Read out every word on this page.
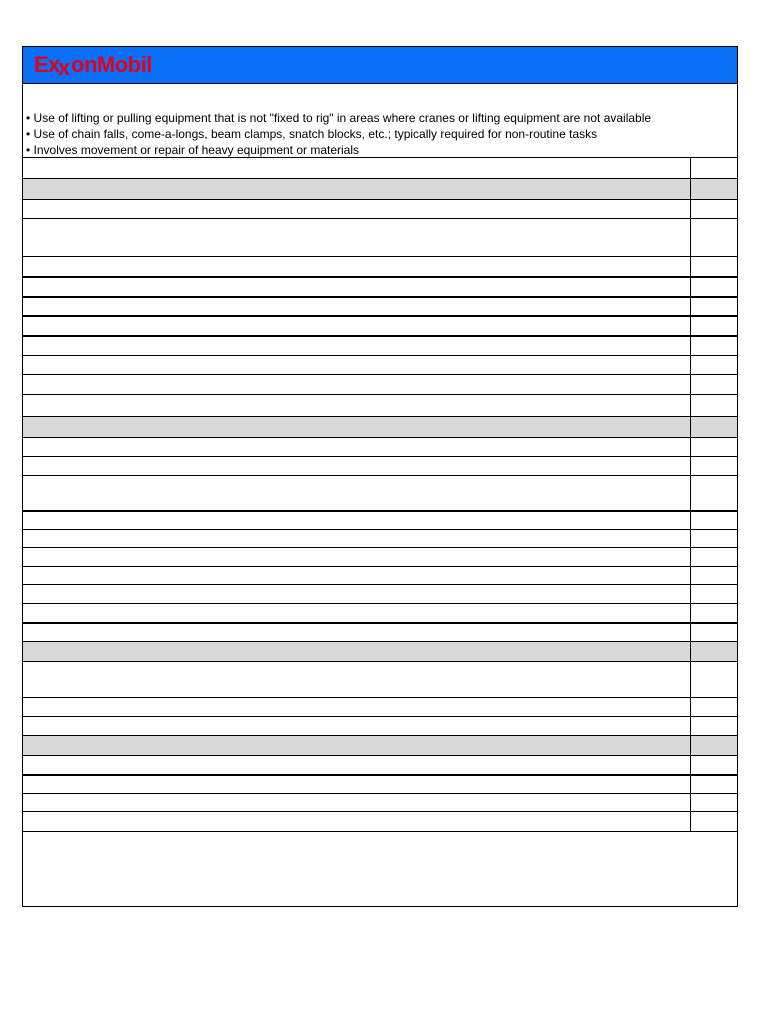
E x
x onMobil
• Use of lifting or pulling equipment that is not "fixed to rig" in areas where cranes or lifting equipment are not available
• Use of chain falls, come-a-longs, beam clamps, snatch blocks, etc.; typically required for non-routine tasks
• Involves movement or repair of heavy equipment or materials
